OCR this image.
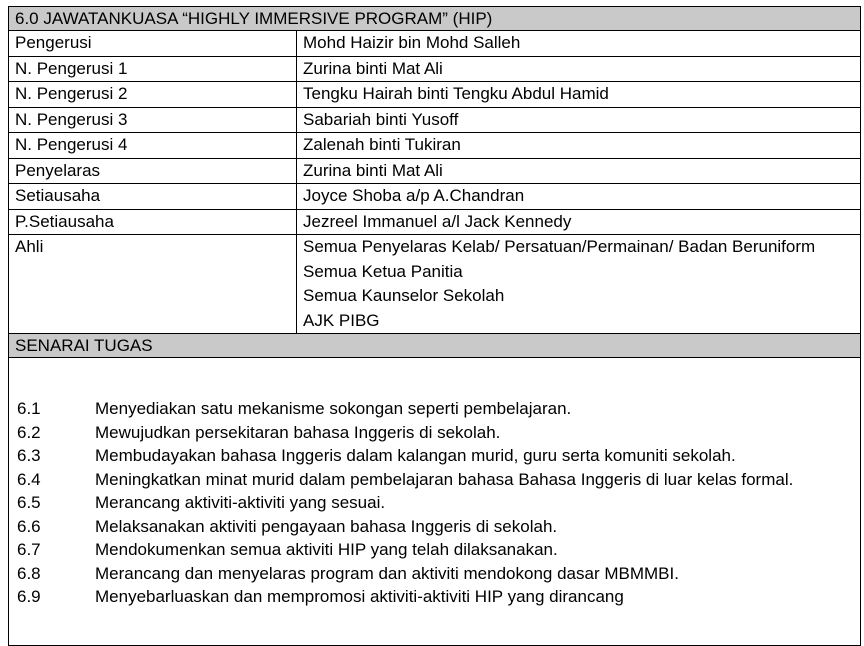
6.0 JAWATANKUASA “HIGHLY IMMERSIVE PROGRAM” (HIP)	
Pengerusi	Mohd Haizir bin Mohd Salleh
N. Pengerusi 1	Zurina binti Mat Ali
N. Pengerusi 2	Tengku Hairah binti Tengku Abdul Hamid
N. Pengerusi 3	Sabariah binti Yusoff
N. Pengerusi 4	Zalenah binti Tukiran
Penyelaras	Zurina binti Mat Ali
Setiausaha	Joyce Shoba a/p A.Chandran
P.Setiausaha	Jezreel Immanuel a/l Jack Kennedy
Ahli	Semua Penyelaras Kelab/ Persatuan/Permainan/ Badan Beruniform
Semua Ketua Panitia
Semua Kaunselor Sekolah
AJK PIBG

SENARAI TUGAS	
6.1	Menyediakan satu mekanisme sokongan seperti pembelajaran.
6.2	Mewujudkan persekitaran bahasa Inggeris di sekolah.
6.3	Membudayakan bahasa Inggeris dalam kalangan murid, guru serta komuniti sekolah.
6.4	Meningkatkan minat murid dalam pembelajaran bahasa Bahasa Inggeris di luar kelas formal.
6.5	Merancang aktiviti-aktiviti yang sesuai.
6.6	Melaksanakan aktiviti pengayaan bahasa Inggeris di sekolah.
6.7	Mendokumenkan semua aktiviti HIP yang telah dilaksanakan.
6.8	Merancang dan menyelaras program dan aktiviti mendokong dasar MBMMBI.
6.9	Menyebarluaskan dan mempromosi aktiviti-aktiviti HIP yang dirancang
